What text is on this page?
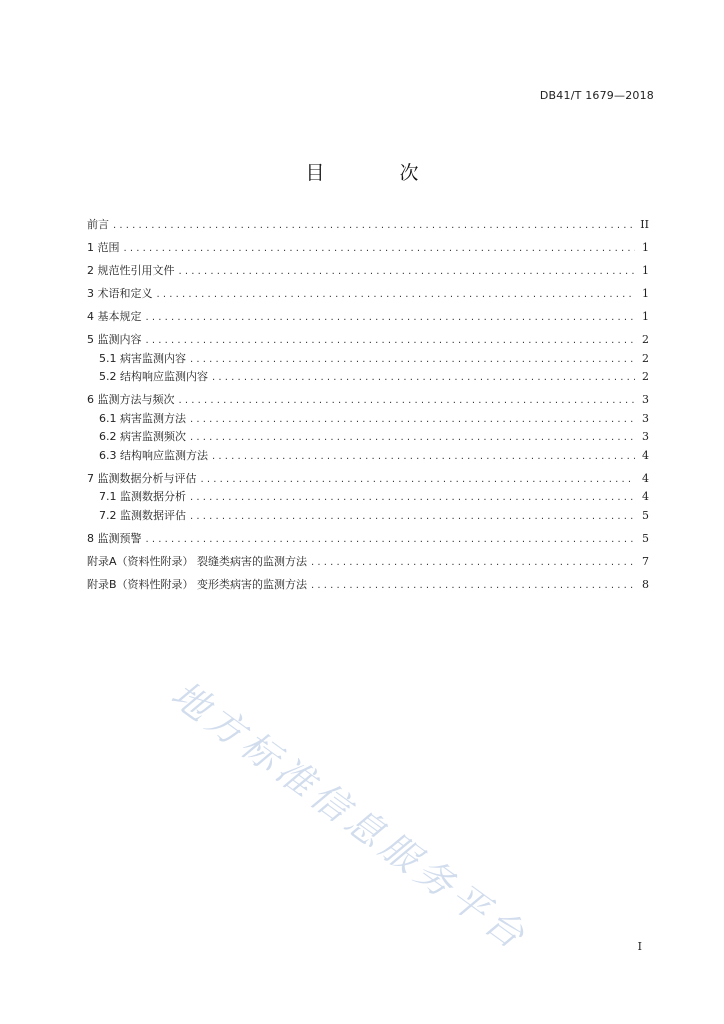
DB41/T 1679—2018
目　次
前言 .....	II
1 范围 .....	1
2 规范性引用文件 .....	1
3 术语和定义 .....	1
4 基本规定 .....	1
5 监测内容 .....	2
5.1 病害监测内容 .....	2
5.2 结构响应监测内容 .....	2
6 监测方法与频次 .....	3
6.1 病害监测方法 .....	3
6.2 病害监测频次 .....	3
6.3 结构响应监测方法 .....	4
7 监测数据分析与评估 .....	4
7.1 监测数据分析 .....	4
7.2 监测数据评估 .....	5
8 监测预警 .....	5
附录A（资料性附录） 裂缝类病害的监测方法 .....	7
附录B（资料性附录） 变形类病害的监测方法 .....	8
地方标准信息服务平台	I
